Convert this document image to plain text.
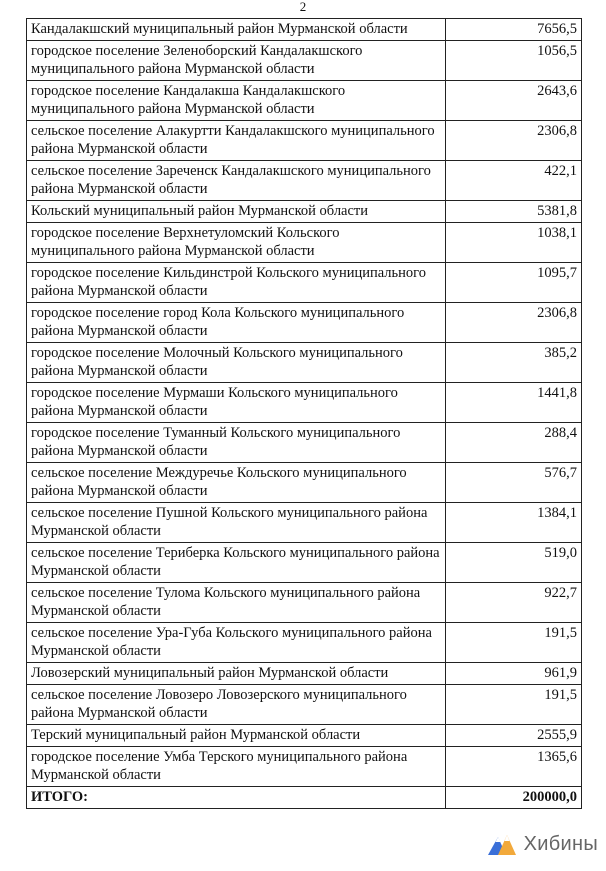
2
Кандалакшский муниципальный район Мурманской области	7656,5
городское поселение Зеленоборский Кандалакшского муниципального района Мурманской области	1056,5
городское поселение Кандалакша Кандалакшского муниципального района Мурманской области	2643,6
сельское поселение Алакуртти Кандалакшского муниципального района Мурманской области	2306,8
сельское поселение Зареченск Кандалакшского муниципального района Мурманской области	422,1
Кольский муниципальный район Мурманской области	5381,8
городское поселение Верхнетуломский Кольского муниципального района Мурманской области	1038,1
городское поселение Кильдинстрой Кольского муниципального района Мурманской области	1095,7
городское поселение город Кола Кольского муниципального района Мурманской области	2306,8
городское поселение Молочный Кольского муниципального района Мурманской области	385,2
городское поселение Мурмаши Кольского муниципального района Мурманской области	1441,8
городское поселение Туманный Кольского муниципального района Мурманской области	288,4
сельское поселение Междуречье Кольского муниципального района Мурманской области	576,7
сельское поселение Пушной Кольского муниципального района Мурманской области	1384,1
сельское поселение Териберка Кольского муниципального района Мурманской области	519,0
сельское поселение Тулома Кольского муниципального района Мурманской области	922,7
сельское поселение Ура-Губа Кольского муниципального района Мурманской области	191,5
Ловозерский муниципальный район Мурманской области	961,9
сельское поселение Ловозеро Ловозерского муниципального района Мурманской области	191,5
Терский муниципальный район Мурманской области	2555,9
городское поселение Умба Терского муниципального района Мурманской области	1365,6
ИТОГО:	200000,0
Хибины
